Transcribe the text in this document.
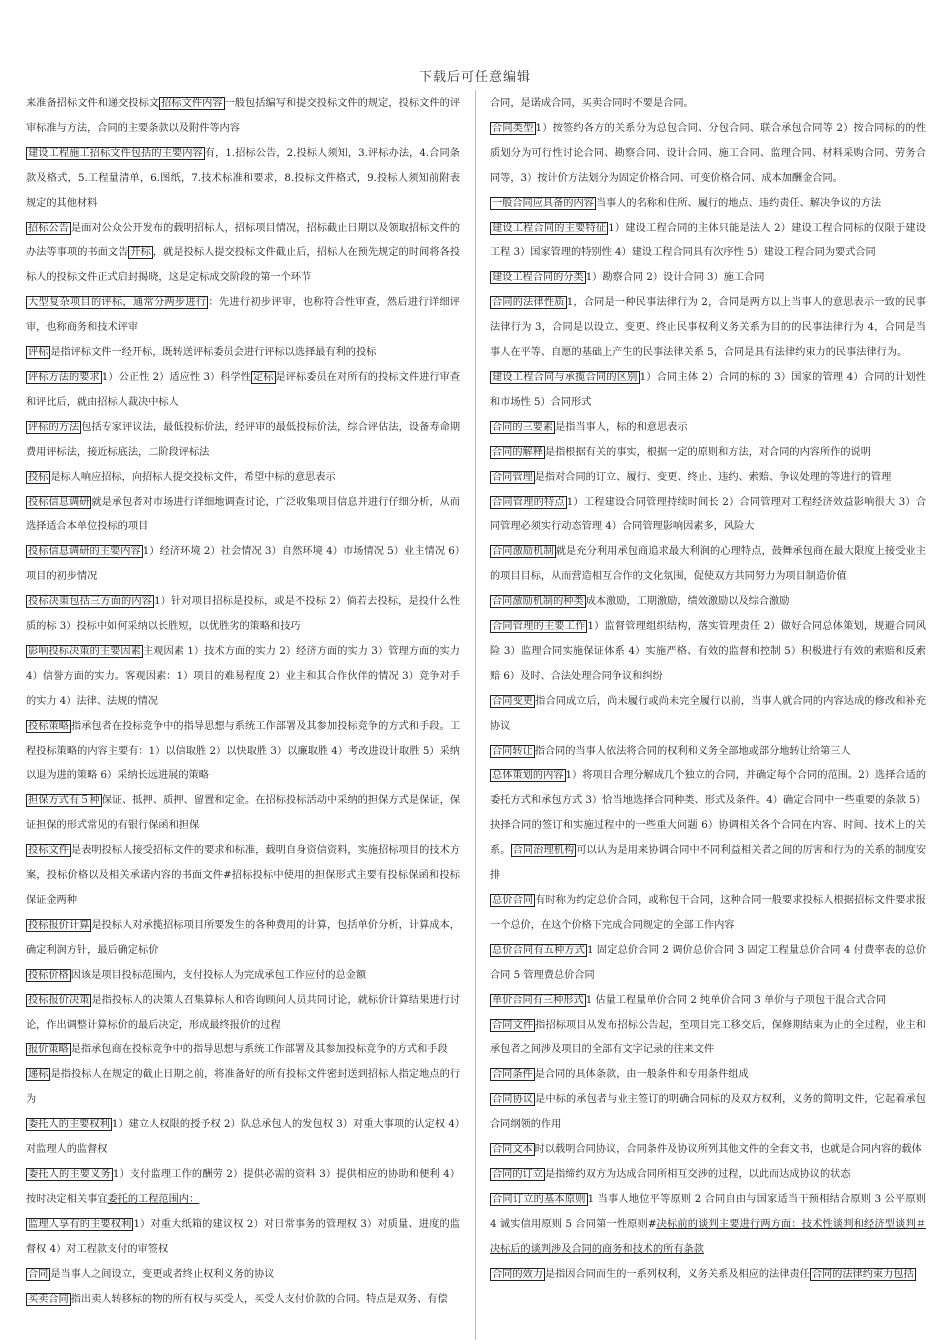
下载后可任意编辑

来准备招标文件和递交投标文 招标文件内容 一般包括编写和提交投标文件的规定，投标文件的评审标准与方法，合同的主要条款以及附件等内容

建设工程施工招标文件包括的主要内容 有，1.招标公告，2.投标人须知，3.评标办法，4.合同条款及格式，5.工程量清单，6.图纸，7.技术标准和要求，8.投标文件格式，9.投标人须知前附表规定的其他材料

招标公告 是面对公众公开发布的载明招标人，招标项目情况，招标截止日期以及领取招标文件的办法等事项的书面文告 开标 ，就是投标人提交投标文件截止后，招标人在预先规定的时间将各投标人的投标文件正式启封揭晓，这是定标成交阶段的第一个环节

大型复杂项目的评标，通常分两步进行 ：先进行初步评审，也称符合性审查，然后进行详细评审，也称商务和技术评审

评标 是指评标文件一经开标，既转送评标委员会进行评标以选择最有利的投标

评标方法的要求 1）公正性 2）适应性 3）科学性 定标 是评标委员在对所有的投标文件进行审查和评比后，就由招标人裁决中标人

评标的方法 包括专家评议法，最低投标价法，经评审的最低投标价法，综合评估法，设备寿命期费用评标法，接近标底法，二阶段评标法

投标 是标人响应招标，向招标人提交投标文件，希望中标的意思表示

投标信息调研 就是承包者对市场进行详细地调查讨论，广泛收集项目信息并进行仔细分析，从而选择适合本单位投标的项目

投标信息调研的主要内容 1）经济环境 2）社会情况 3）自然环境 4）市场情况 5）业主情况 6）项目的初步情况

投标决策包括三方面的内容 1）针对项目招标是投标，或是不投标 2）倘若去投标，是投什么性质的标 3）投标中如何采纳以长胜短，以优胜劣的策略和技巧

影响投标决策的主要因素 主观因素 1）技术方面的实力 2）经济方面的实力 3）管理方面的实力 4）信誉方面的实力。客观因素：1）项目的难易程度 2）业主和其合作伙伴的情况 3）竞争对手的实力 4）法律、法规的情况

投标策略 指承包者在投标竞争中的指导思想与系统工作部署及其参加投标竞争的方式和手段。工程投标策略的内容主要有：1）以信取胜 2）以快取胜 3）以廉取胜 4）考改进设计取胜 5）采纳以退为进的策略 6）采纳长远进展的策略

担保方式有５种 保证、抵押、质押、留置和定金。在招标投标活动中采纳的担保方式是保证，保证担保的形式常见的有银行保函和担保

投标文件 是表明投标人接受招标文件的要求和标准，载明自身资信资料，实施招标项目的技术方案，投标价格以及相关承诺内容的书面文件#招标投标中使用的担保形式主要有投标保函和投标保证金两种

投标报价计算 是投标人对承揽招标项目所要发生的各种费用的计算，包括单价分析，计算成本，确定利润方针，最后确定标价

投标价格 因该是项目投标范围内，支付投标人为完成承包工作应付的总金额

投标报价决策 是指投标人的决策人召集算标人和咨询顾问人员共同讨论，就标价计算结果进行讨论，作出调整计算标价的最后决定，形成最终报价的过程

报价策略 是指承包商在投标竞争中的指导思想与系统工作部署及其参加投标竞争的方式和手段

递标 是指投标人在规定的截止日期之前，将准备好的所有投标文件密封送到招标人指定地点的行为

委托人的主要权利 1）建立人权限的授予权 2）队总承包人的发包权 3）对重大事项的认定权 4）对监理人的监督权

委托人的主要义务 1）支付监理工作的酬劳 2）提供必需的资料 3）提供相应的协助和便利 4）按时决定相关事宜委托的工程范围内：

监理人享有的主要权利 1）对重大纸箱的建议权 2）对日常事务的管理权 3）对质量、进度的监督权 4）对工程款支付的审签权

合同 是当事人之间设立，变更或者终止权利义务的协议

买卖合同 指出卖人转移标的物的所有权与买受人，买受人支付价款的合同。特点是双务、有偿

合同，是诺成合同，买卖合同时不要是合同。

合同类型 1）按签约各方的关系分为总包合同、分包合同、联合承包合同等 2）按合同标的的性质划分为可行性讨论合同、勘察合同、设计合同、施工合同、监理合同、材料采购合同、劳务合同等，3）按计价方法划分为固定价格合同、可变价格合同、成本加酬金合同。

一般合同应具备的内容 当事人的名称和住所、履行的地点、违约责任、解决争议的方法

建设工程合同的主要特征 1）建设工程合同的主体只能是法人 2）建设工程合同标的仅限于建设工程 3）国家管理的特别性 4）建设工程合同具有次序性 5）建设工程合同为要式合同

建设工程合同的分类 1）勘察合同 2）设计合同 3）施工合同

合同的法律性质 1，合同是一种民事法律行为 2，合同是两方以上当事人的意思表示一致的民事法律行为 3，合同是以设立、变更、终止民事权利义务关系为目的的民事法律行为 4，合同是当事人在平等、自愿的基础上产生的民事法律关系 5，合同是具有法律约束力的民事法律行为。

建设工程合同与承揽合同的区别 1）合同主体 2）合同的标的 3）国家的管理 4）合同的计划性和市场性 5）合同形式

合同的三要素 是指当事人，标的和意思表示

合同的解释 是指根据有关的事实，根据一定的原则和方法，对合同的内容所作的说明

合同管理 是指对合同的订立、履行、变更、终止、违约、索赔、争议处理的等进行的管理

合同管理的特点 1）工程建设合同管理持续时间长 2）合同管理对工程经济效益影响很大 3）合同管理必须实行动态管理 4）合同管理影响因素多，风险大

合同激励机制 就是充分利用承包商追求最大利润的心理特点，鼓舞承包商在最大限度上接受业主的项目目标，从而营造相互合作的文化氛围，促使双方共同努力为项目制造价值

合同激励机制的种类 成本激励，工期激励，绩效激励以及综合激励

合同管理的主要工作 1）监督管理组织结构，落实管理责任 2）做好合同总体策划，规避合同风险 3）监理合同实施保证体系 4）实施严格、有效的监督和控制 5）积极进行有效的索赔和反索赔 6）及时、合法处理合同争议和纠纷

合同变更 指合同成立后，尚未履行或尚未完全履行以前，当事人就合同的内容达成的修改和补充协议

合同转让 指合同的当事人依法将合同的权利和义务全部地或部分地转让给第三人

总体策划的内容 1）将项目合理分解成几个独立的合同，并确定每个合同的范围。2）选择合适的委托方式和承包方式 3）恰当地选择合同种类、形式及条件。4）确定合同中一些重要的条款 5）抉择合同的签订和实施过程中的一些重大问题 6）协调相关各个合同在内容、时间、技术上的关系。 合同治理机构 可以认为是用来协调合同中不同利益相关者之间的厉害和行为的关系的制度安排

总价合同 有时称为约定总价合同，或称包干合同，这种合同一般要求投标人根据招标文件要求报一个总价，在这个价格下完成合同规定的全部工作内容

总价合同有五种方式 1 固定总价合同 2 调价总价合同 3 固定工程量总价合同 4 付费率表的总价合同 5 管理费总价合同

单价合同有三种形式 1 估量工程量单价合同 2 纯单价合同 3 单价与子项包干混合式合同

合同文件 指招标项目从发布招标公告起，至项目完工移交后，保修期结束为止的全过程，业主和承包者之间涉及项目的全部有文字记录的往来文件

合同条件 是合同的具体条款，由一般条件和专用条件组成

合同协议 是中标的承包者与业主签订的明确合同标的及双方权利，义务的简明文件，它起着承包合同纲领的作用

合同文本 时以载明合同协议，合同条件及协议所列其他文件的全套文书，也就是合同内容的载体

合同的订立 是指缔约双方为达成合同所相互交涉的过程，以此而达成协议的状态

合同订立的基本原则 1 当事人地位平等原则 2 合同自由与国家适当干预相结合原则 3 公平原则 4 诚实信用原则 5 合同第一性原则#决标前的谈判主要进行两方面：技术性谈判和经济型谈判＃决标后的谈判涉及合同的商务和技术的所有条款

合同的效力 是指因合同而生的一系列权利，义务关系及相应的法律责任 合同的法律约束力包括
